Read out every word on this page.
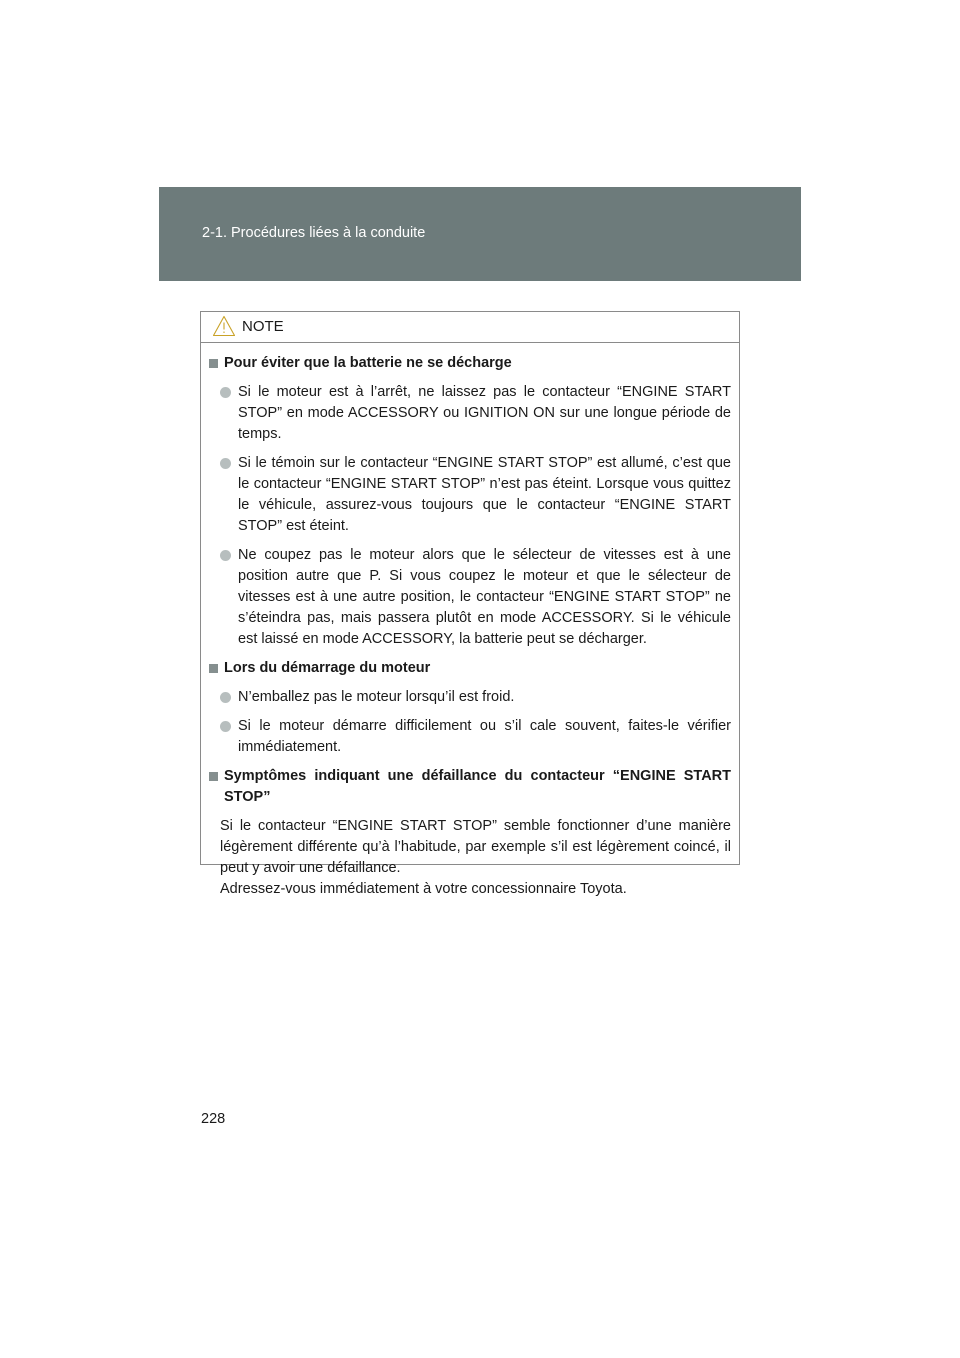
2-1. Procédures liées à la conduite
NOTE
Pour éviter que la batterie ne se décharge
Si le moteur est à l’arrêt, ne laissez pas le contacteur “ENGINE START STOP” en mode ACCESSORY ou IGNITION ON sur une longue période de temps.
Si le témoin sur le contacteur “ENGINE START STOP” est allumé, c’est que le contacteur “ENGINE START STOP” n’est pas éteint. Lorsque vous quittez le véhicule, assurez-vous toujours que le contacteur “ENGINE START STOP” est éteint.
Ne coupez pas le moteur alors que le sélecteur de vitesses est à une position autre que P. Si vous coupez le moteur et que le sélecteur de vitesses est à une autre position, le contacteur “ENGINE START STOP” ne s’éteindra pas, mais passera plutôt en mode ACCESSORY. Si le véhicule est laissé en mode ACCESSORY, la batterie peut se décharger.
Lors du démarrage du moteur
N’emballez pas le moteur lorsqu’il est froid.
Si le moteur démarre difficilement ou s’il cale souvent, faites-le vérifier immédiatement.
Symptômes indiquant une défaillance du contacteur “ENGINE START STOP”
Si le contacteur “ENGINE START STOP” semble fonctionner d’une manière légèrement différente qu’à l’habitude, par exemple s’il est légèrement coincé, il peut y avoir une défaillance.
Adressez-vous immédiatement à votre concessionnaire Toyota.
228
